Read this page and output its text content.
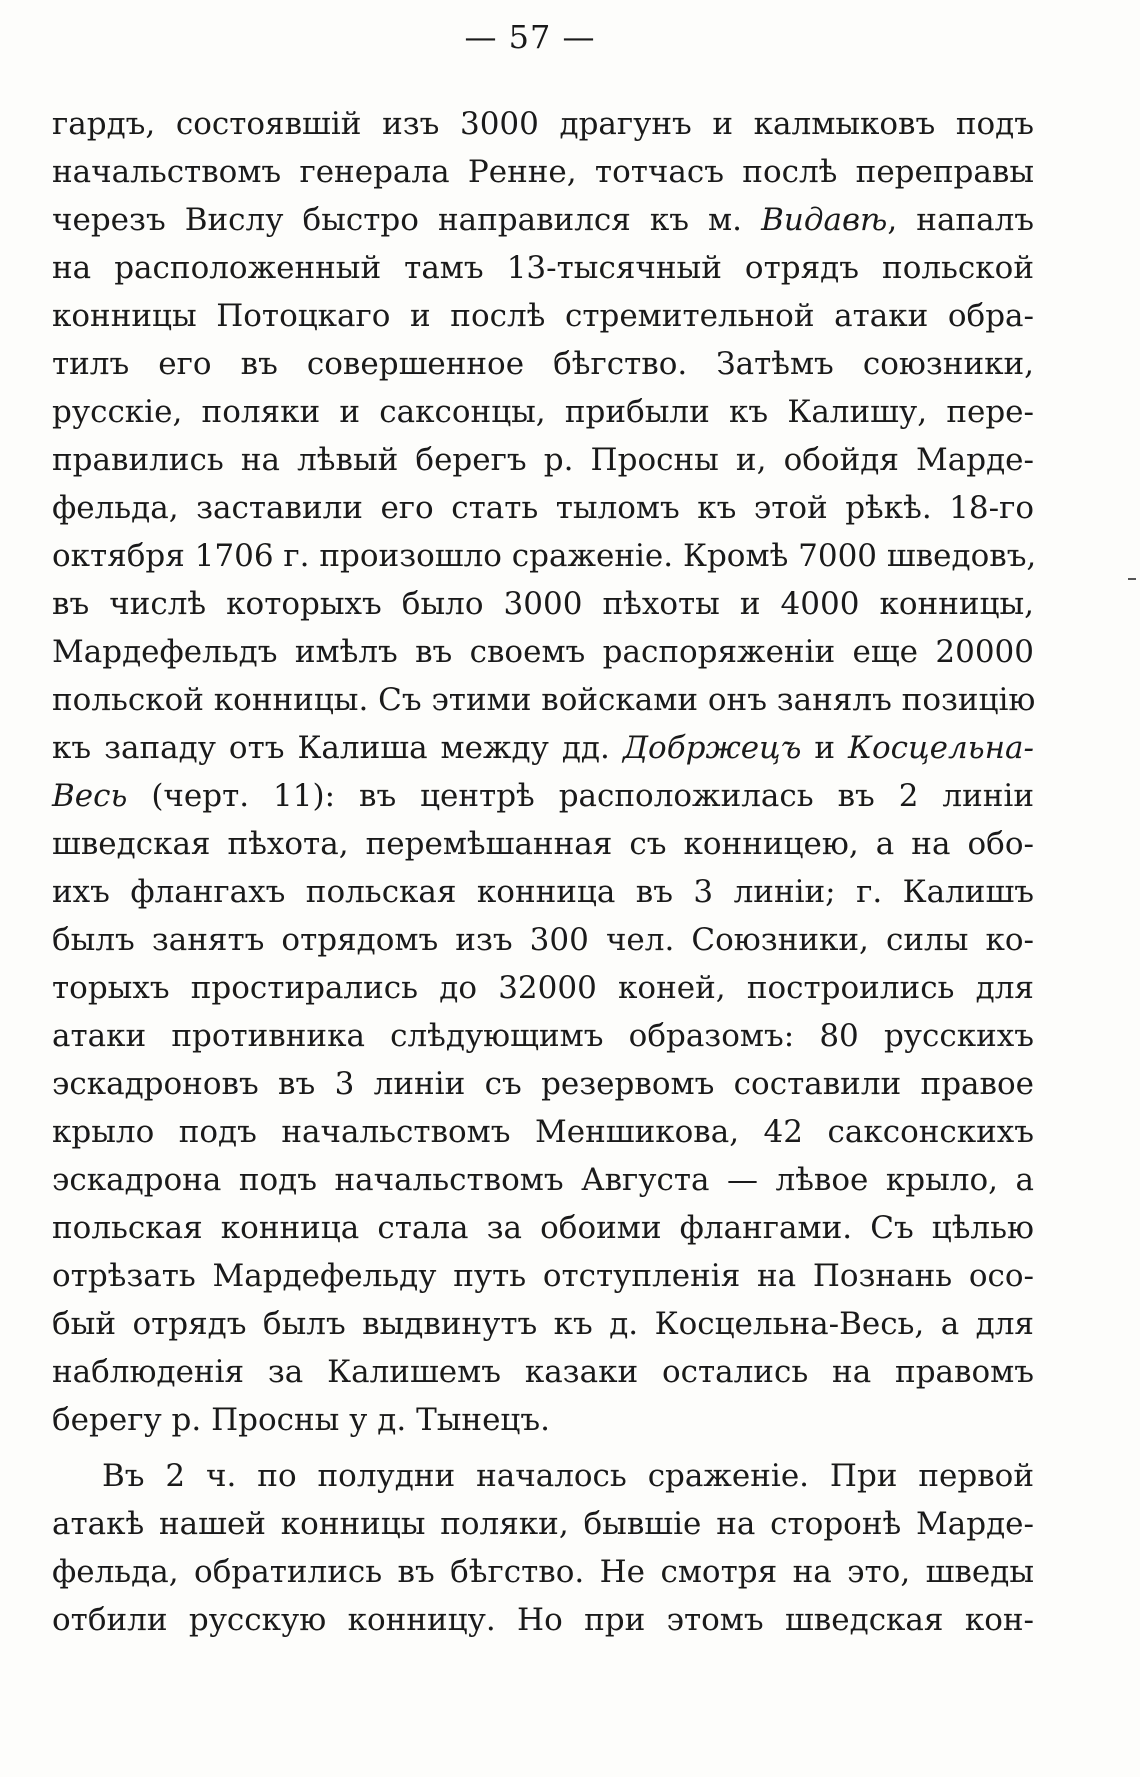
— 57 —
гардъ, состоявшій изъ 3000 драгунъ и калмыковъ подъ
начальствомъ генерала Ренне, тотчасъ послѣ переправы
черезъ Вислу быстро направился къ м. Видавѣ, напалъ
на расположенный тамъ 13-тысячный отрядъ польской
конницы Потоцкаго и послѣ стремительной атаки обра-
тилъ его въ совершенное бѣгство. Затѣмъ союзники,
русскіе, поляки и саксонцы, прибыли къ Калишу, пере-
правились на лѣвый берегъ р. Просны и, обойдя Марде-
фельда, заставили его стать тыломъ къ этой рѣкѣ. 18-го
октября 1706 г. произошло сраженіе. Кромѣ 7000 шведовъ,
въ числѣ которыхъ было 3000 пѣхоты и 4000 конницы,
Мардефельдъ имѣлъ въ своемъ распоряженіи еще 20000
польской конницы. Съ этими войсками онъ занялъ позицію
къ западу отъ Калиша между дд. Добржецъ и Косцельна-
Весь (черт. 11): въ центрѣ расположилась въ 2 линіи
шведская пѣхота, перемѣшанная съ конницею, а на обо-
ихъ флангахъ польская конница въ 3 линіи; г. Калишъ
былъ занятъ отрядомъ изъ 300 чел. Союзники, силы ко-
торыхъ простирались до 32000 коней, построились для
атаки противника слѣдующимъ образомъ: 80 русскихъ
эскадроновъ въ 3 линіи съ резервомъ составили правое
крыло подъ начальствомъ Меншикова, 42 саксонскихъ
эскадрона подъ начальствомъ Августа — лѣвое крыло, а
польская конница стала за обоими флангами. Съ цѣлью
отрѣзать Мардефельду путь отступленія на Познань осо-
бый отрядъ былъ выдвинутъ къ д. Косцельна-Весь, а для
наблюденія за Калишемъ казаки остались на правомъ
берегу р. Просны у д. Тынецъ.
Въ 2 ч. по полудни началось сраженіе. При первой
атакѣ нашей конницы поляки, бывшіе на сторонѣ Марде-
фельда, обратились въ бѣгство. Не смотря на это, шведы
отбили русскую конницу. Но при этомъ шведская кон-
